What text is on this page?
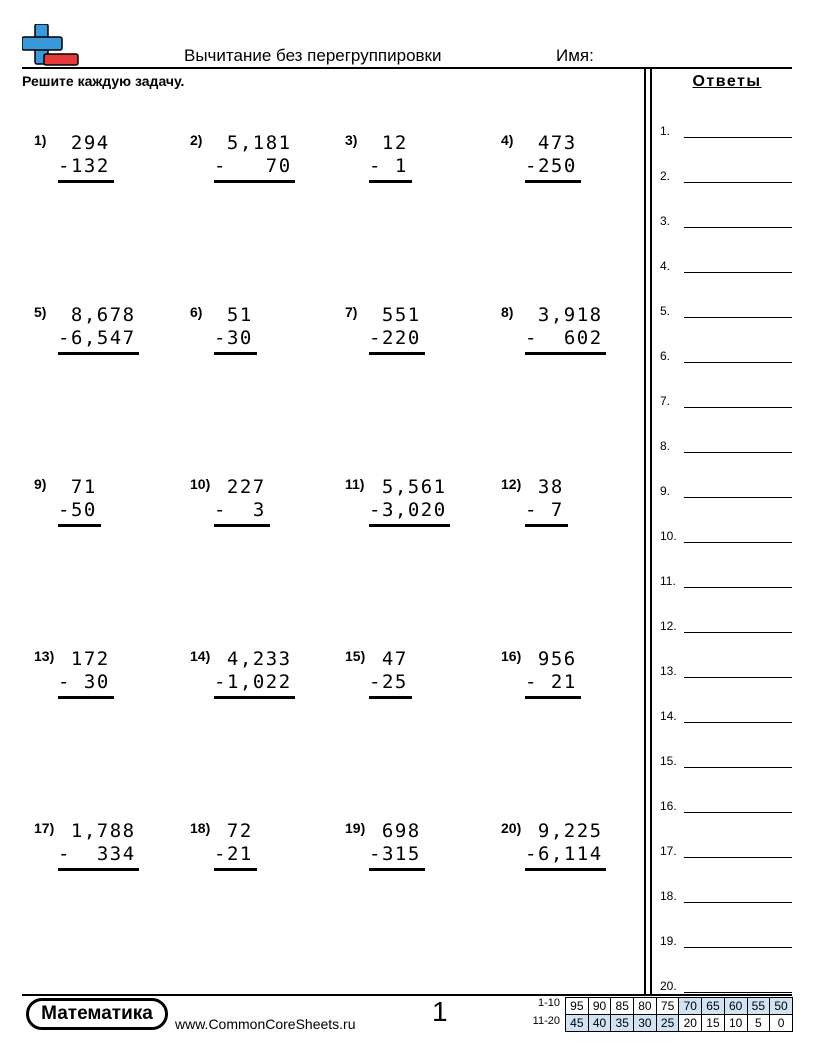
Вычитание без перегруппировки	Имя:
Решите каждую задачу.	Ответы
1.
2.
3.
4.
5.
6.
7.
8.
9.
10.
11.
12.
13.
14.
15.
16.
17.
18.
19.
20.
1) 294
-132
2) 5,181
-   70
3) 12
- 1
4) 473
-250
5) 8,678
-6,547
6) 51
-30
7) 551
-220
8) 3,918
-  602
9) 71
-50
10) 227
-  3
11) 5,561
-3,020
12) 38
- 7
13) 172
- 30
14) 4,233
-1,022
15) 47
-25
16) 956
- 21
17) 1,788
-  334
18) 72
-21
19) 698
-315
20) 9,225
-6,114
Математика	www.CommonCoreSheets.ru	1	1-10
11-20
95	90	85	80	75	70	65	60	55	50
45	40	35	30	25	20	15	10	5	0
